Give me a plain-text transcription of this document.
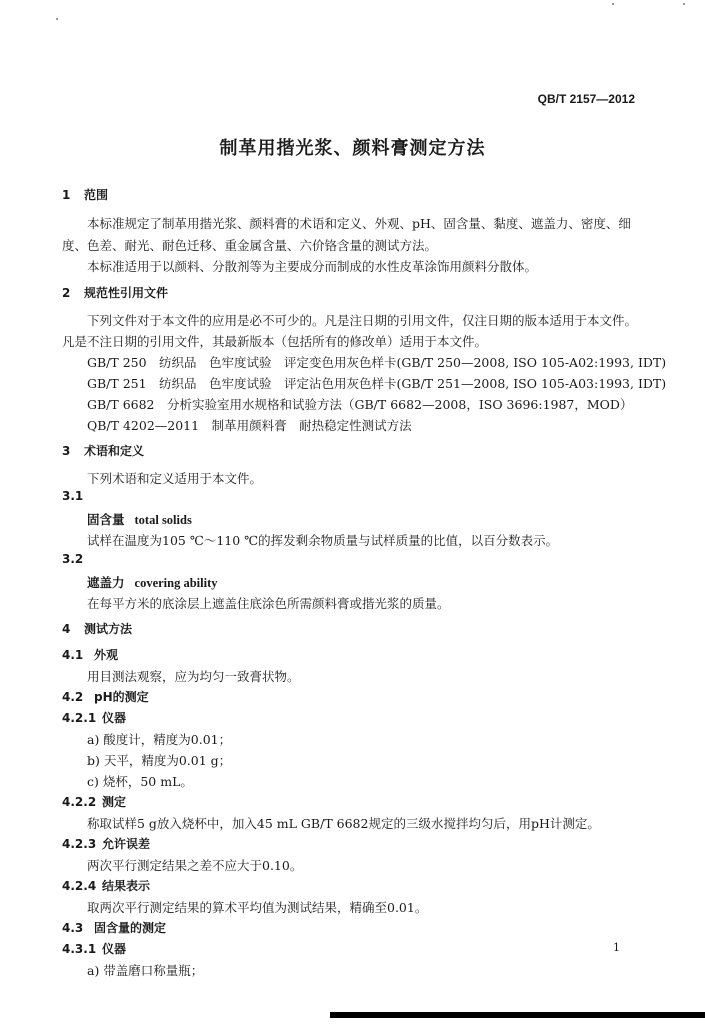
QB/T 2157—2012
制革用揩光浆、颜料膏测定方法
1 范围
本标准规定了制革用揩光浆、颜料膏的术语和定义、外观、pH、固含量、黏度、遮盖力、密度、细
度、色差、耐光、耐色迁移、重金属含量、六价铬含量的测试方法。
本标准适用于以颜料、分散剂等为主要成分而制成的水性皮革涂饰用颜料分散体。
2 规范性引用文件
下列文件对于本文件的应用是必不可少的。凡是注日期的引用文件，仅注日期的版本适用于本文件。
凡是不注日期的引用文件，其最新版本（包括所有的修改单）适用于本文件。
GB/T 250　纺织品　色牢度试验　评定变色用灰色样卡(GB/T 250—2008, ISO 105-A02:1993, IDT)
GB/T 251　纺织品　色牢度试验　评定沾色用灰色样卡(GB/T 251—2008, ISO 105-A03:1993, IDT)
GB/T 6682　分析实验室用水规格和试验方法（GB/T 6682—2008，ISO 3696:1987，MOD）
QB/T 4202—2011　制革用颜料膏　耐热稳定性测试方法
3 术语和定义
下列术语和定义适用于本文件。
3.1
固含量 total solids
试样在温度为105 ℃～110 ℃的挥发剩余物质量与试样质量的比值，以百分数表示。
3.2
遮盖力 covering ability
在每平方米的底涂层上遮盖住底涂色所需颜料膏或揩光浆的质量。
4 测试方法
4.1 外观
用目测法观察，应为均匀一致膏状物。
4.2 pH的测定
4.2.1 仪器
a) 酸度计，精度为0.01；
b) 天平，精度为0.01 g；
c) 烧杯，50 mL。
4.2.2 测定
称取试样5 g放入烧杯中，加入45 mL GB/T 6682规定的三级水搅拌均匀后，用pH计测定。
4.2.3 允许误差
两次平行测定结果之差不应大于0.10。
4.2.4 结果表示
取两次平行测定结果的算术平均值为测试结果，精确至0.01。
4.3 固含量的测定
4.3.1 仪器
a) 带盖磨口称量瓶；
1
